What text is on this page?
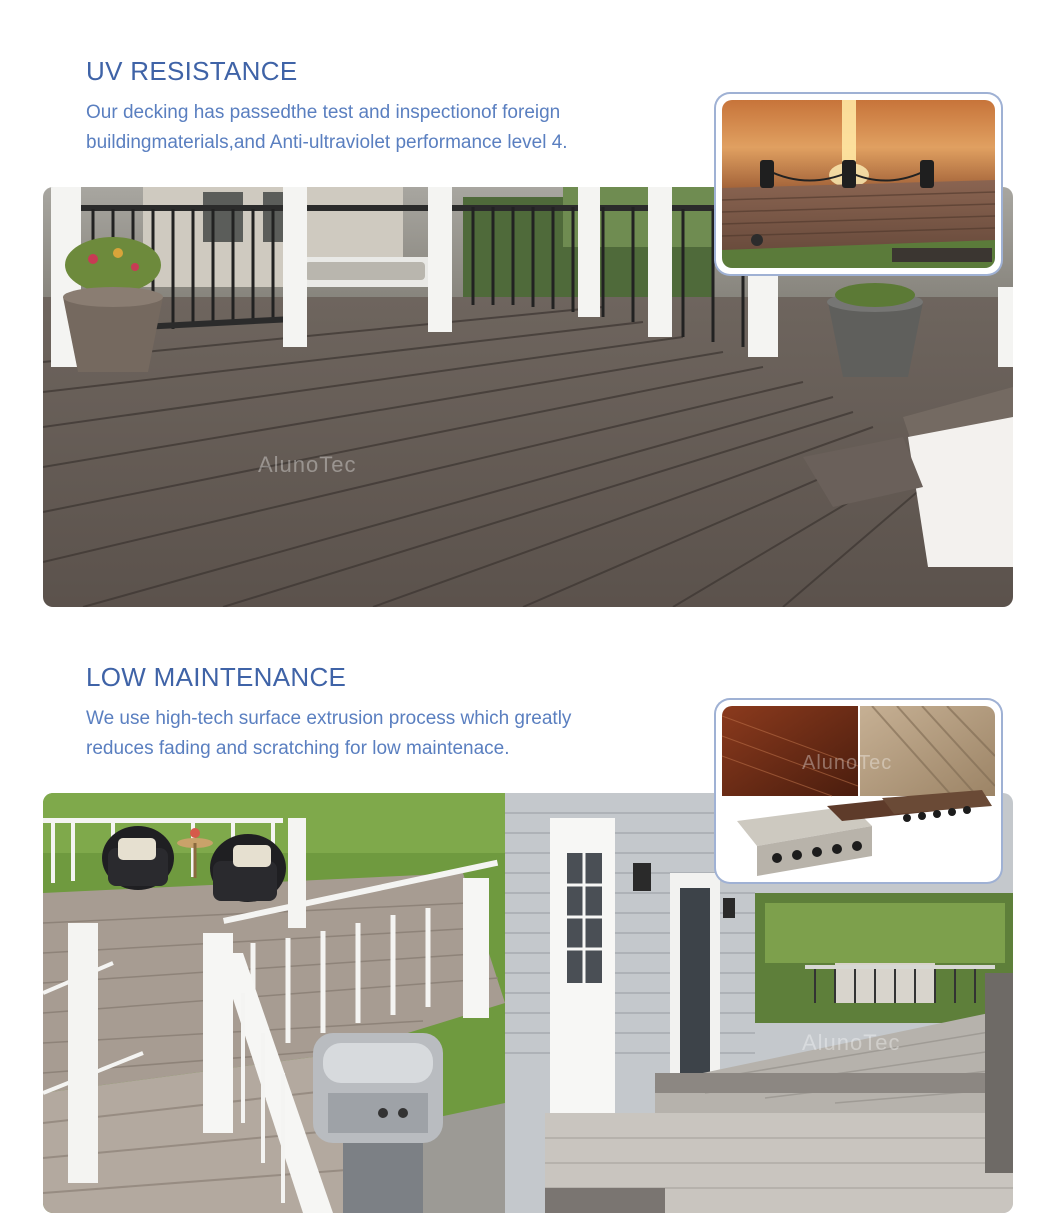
UV RESISTANCE

Our decking has passedthe test and inspectionof foreign
buildingmaterials,and Anti-ultraviolet performance level 4.

AlunoTec
LOW MAINTENANCE

We use high-tech surface extrusion process which greatly
reduces fading and scratching for low maintenace.

AlunoTec
AlunoTec
